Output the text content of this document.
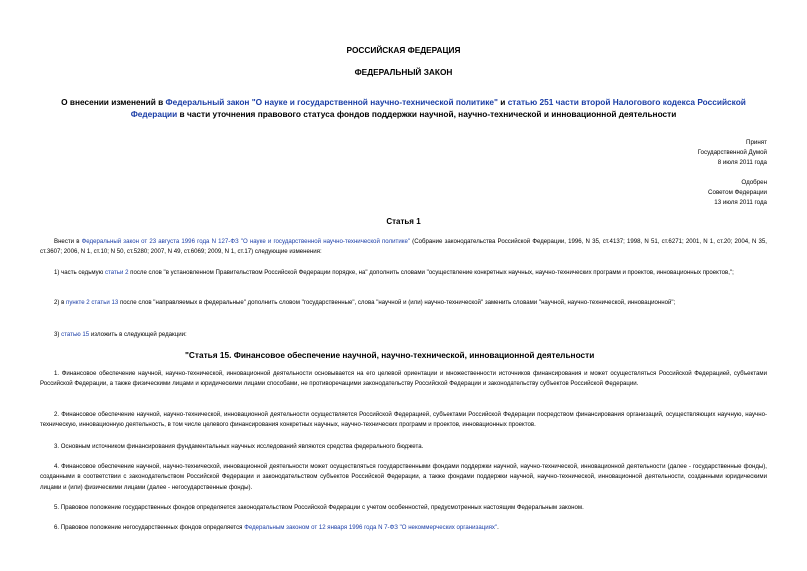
РОССИЙСКАЯ ФЕДЕРАЦИЯ
ФЕДЕРАЛЬНЫЙ ЗАКОН
О внесении изменений в Федеральный закон "О науке и государственной научно-технической политике" и статью 251 части второй Налогового кодекса Российской Федерации в части уточнения правового статуса фондов поддержки научной, научно-технической и инновационной деятельности
Принят
Государственной Думой
8 июля 2011 года
Одобрен
Советом Федерации
13 июля 2011 года
Статья 1
Внести в Федеральный закон от 23 августа 1996 года N 127-ФЗ "О науке и государственной научно-технической политике" (Собрание законодательства Российской Федерации, 1996, N 35, ст.4137; 1998, N 51, ст.6271; 2001, N 1, ст.20; 2004, N 35, ст.3607; 2006, N 1, ст.10; N 50, ст.5280; 2007, N 49, ст.6069; 2009, N 1, ст.17) следующие изменения:
1) часть седьмую статьи 2 после слов "в установленном Правительством Российской Федерации порядке, на" дополнить словами "осуществление конкретных научных, научно-технических программ и проектов, инновационных проектов,";
2) в пункте 2 статьи 13 после слов "направляемых в федеральные" дополнить словом "государственные", слова "научной и (или) научно-технической" заменить словами "научной, научно-технической, инновационной";
3) статью 15 изложить в следующей редакции:
"Статья 15. Финансовое обеспечение научной, научно-технической, инновационной деятельности
1. Финансовое обеспечение научной, научно-технической, инновационной деятельности основывается на его целевой ориентации и множественности источников финансирования и может осуществляться Российской Федерацией, субъектами Российской Федерации, а также физическими лицами и юридическими лицами способами, не противоречащими законодательству Российской Федерации и законодательству субъектов Российской Федерации.
2. Финансовое обеспечение научной, научно-технической, инновационной деятельности осуществляется Российской Федерацией, субъектами Российской Федерации посредством финансирования организаций, осуществляющих научную, научно-техническую, инновационную деятельность, в том числе целевого финансирования конкретных научных, научно-технических программ и проектов, инновационных проектов.
3. Основным источником финансирования фундаментальных научных исследований являются средства федерального бюджета.
4. Финансовое обеспечение научной, научно-технической, инновационной деятельности может осуществляться государственными фондами поддержки научной, научно-технической, инновационной деятельности (далее - государственные фонды), созданными в соответствии с законодательством Российской Федерации и законодательством субъектов Российской Федерации, а также фондами поддержки научной, научно-технической, инновационной деятельности, созданными юридическими лицами и (или) физическими лицами (далее - негосударственные фонды).
5. Правовое положение государственных фондов определяется законодательством Российской Федерации с учетом особенностей, предусмотренных настоящим Федеральным законом.
6. Правовое положение негосударственных фондов определяется Федеральным законом от 12 января 1996 года N 7-ФЗ "О некоммерческих организациях".
